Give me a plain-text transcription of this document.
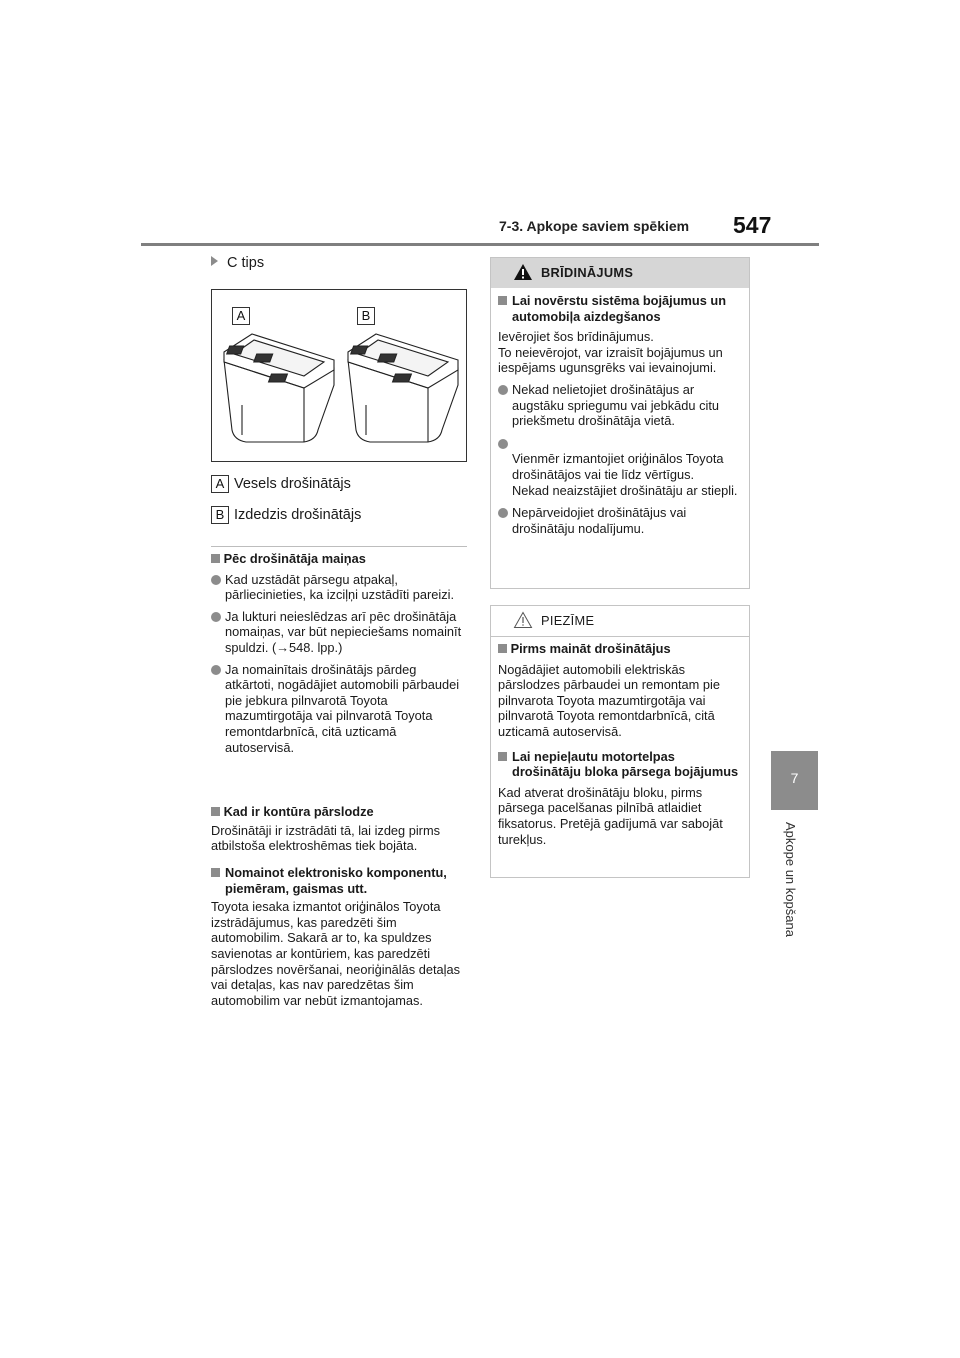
7-3. Apkope saviem spēkiem 547
7
Apkope un kopšana
C tips
A	B
A Vesels drošinātājs
B Izdedzis drošinātājs
Pēc drošinātāja maiņas
Kad uzstādāt pārsegu atpakaļ, pārliecinieties, ka izciļņi uzstādīti pareizi.
Ja lukturi neieslēdzas arī pēc drošinātāja nomaiņas, var būt nepieciešams nomainīt spuldzi. (→548. lpp.)
Ja nomainītais drošinātājs pārdeg atkārtoti, nogādājiet automobili pārbaudei pie jebkura pilnvarotā Toyota mazumtirgotāja vai pilnvarotā Toyota remontdarbnīcā, citā uzticamā autoservisā.
Kad ir kontūra pārslodze
Drošinātāji ir izstrādāti tā, lai izdeg pirms atbilstoša elektroshēmas tiek bojāta.
Nomainot elektronisko komponentu, piemēram, gaismas utt.
Toyota iesaka izmantot oriģinālos Toyota izstrādājumus, kas paredzēti šim automobilim. Sakarā ar to, ka spuldzes savienotas ar kontūriem, kas paredzēti pārslodzes novēršanai, neoriģinālās detaļas vai detaļas, kas nav paredzētas šim automobilim var nebūt izmantojamas.
BRĪDINĀJUMS
Lai novērstu sistēma bojājumus un automobiļa aizdegšanos
Ievērojiet šos brīdinājumus.
To neievērojot, var izraisīt bojājumus un iespējams ugunsgrēks vai ievainojumi.
Nekad nelietojiet drošinātājus ar augstāku spriegumu vai jebkādu citu priekšmetu drošinātāja vietā.

Vienmēr izmantojiet oriģinālos Toyota drošinātājos vai tie līdz vērtīgus.
Nekad neaizstājiet drošinātāju ar stiepli.

Nepārveidojiet drošinātājus vai drošinātāju nodalījumu.
PIEZĪME
Pirms maināt drošinātājus
Nogādājiet automobili elektriskās pārslodzes pārbaudei un remontam pie pilnvarota Toyota mazumtirgotāja vai pilnvarotā Toyota remontdarbnīcā, citā uzticamā autoservisā.
Lai nepieļautu motortelpas drošinātāju bloka pārsega bojājumus
Kad atverat drošinātāju bloku, pirms pārsega pacelšanas pilnībā atlaidiet fiksatorus. Pretējā gadījumā var sabojāt turekļus.
